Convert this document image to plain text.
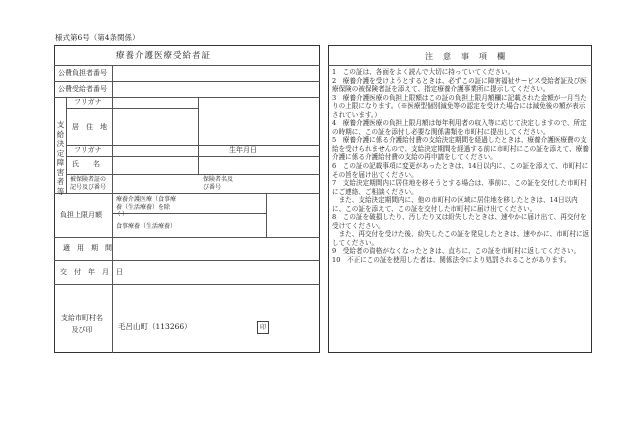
様式第6号（第4条関係）
療養介護医療受給者証
公費負担者番号
公費受給者番号
支給決定障害者等
フリガナ
居　住　地
フリガナ	生年月日
氏　　名
被保険者証の記号及び番号
保険者名及び番号
負担上限月額
療養介護医療（食事療養（生活療養）を除く）
食事療養（生活療養）
適　用　期　間
交　付　年　月　日
支給市町村名及び印	毛呂山町（113266）	印
注　意　事　項　欄

1　この証は、各面をよく読んで大切に持っていてください。

2　療養介護を受けようとするときは、必ずこの証に障害福祉サービス受給者証及び医療保険の被保険者証を添えて、指定療養介護事業所に提示してください。

3　療養介護医療の負担上限額はこの証の負担上限月額欄に記載された金額が一月当たりの上限になります。（※医療型個別減免等の認定を受けた場合には減免後の額が表示されています。）

4　療養介護医療の負担上限月額は毎年利用者の収入等に応じて決定しますので、所定の時期に、この証を添付し必要な関係書類を市町村に提出してください。

5　療養介護に係る介護給付費の支給決定期間を経過したときは、療養介護医療費の支給を受けられませんので、支給決定期間を経過する前に市町村にこの証を添えて、療養介護に係る介護給付費の支給の再申請をしてください。

6　この証の記載事項に変更があったときは、14日以内に、この証を添えて、市町村にその旨を届け出てください。

7　支給決定期間内に居住地を移そうとする場合は、事前に、この証を交付した市町村にご連絡、ご相談ください。

　また、支給決定期間内に、他の市町村の区域に居住地を移したときは、14日以内に、この証を添えて、この証を交付した市町村に届け出てください。

8　この証を破損したり、汚したり又は紛失したときは、速やかに届け出て、再交付を受けてください。

　また、再交付を受けた後、紛失したこの証を発見したときは、速やかに、市町村に返してください。

9　受給者の資格がなくなったときは、直ちに、この証を市町村に返してください。

10　不正にこの証を使用した者は、関係法令により処罰されることがあります。
